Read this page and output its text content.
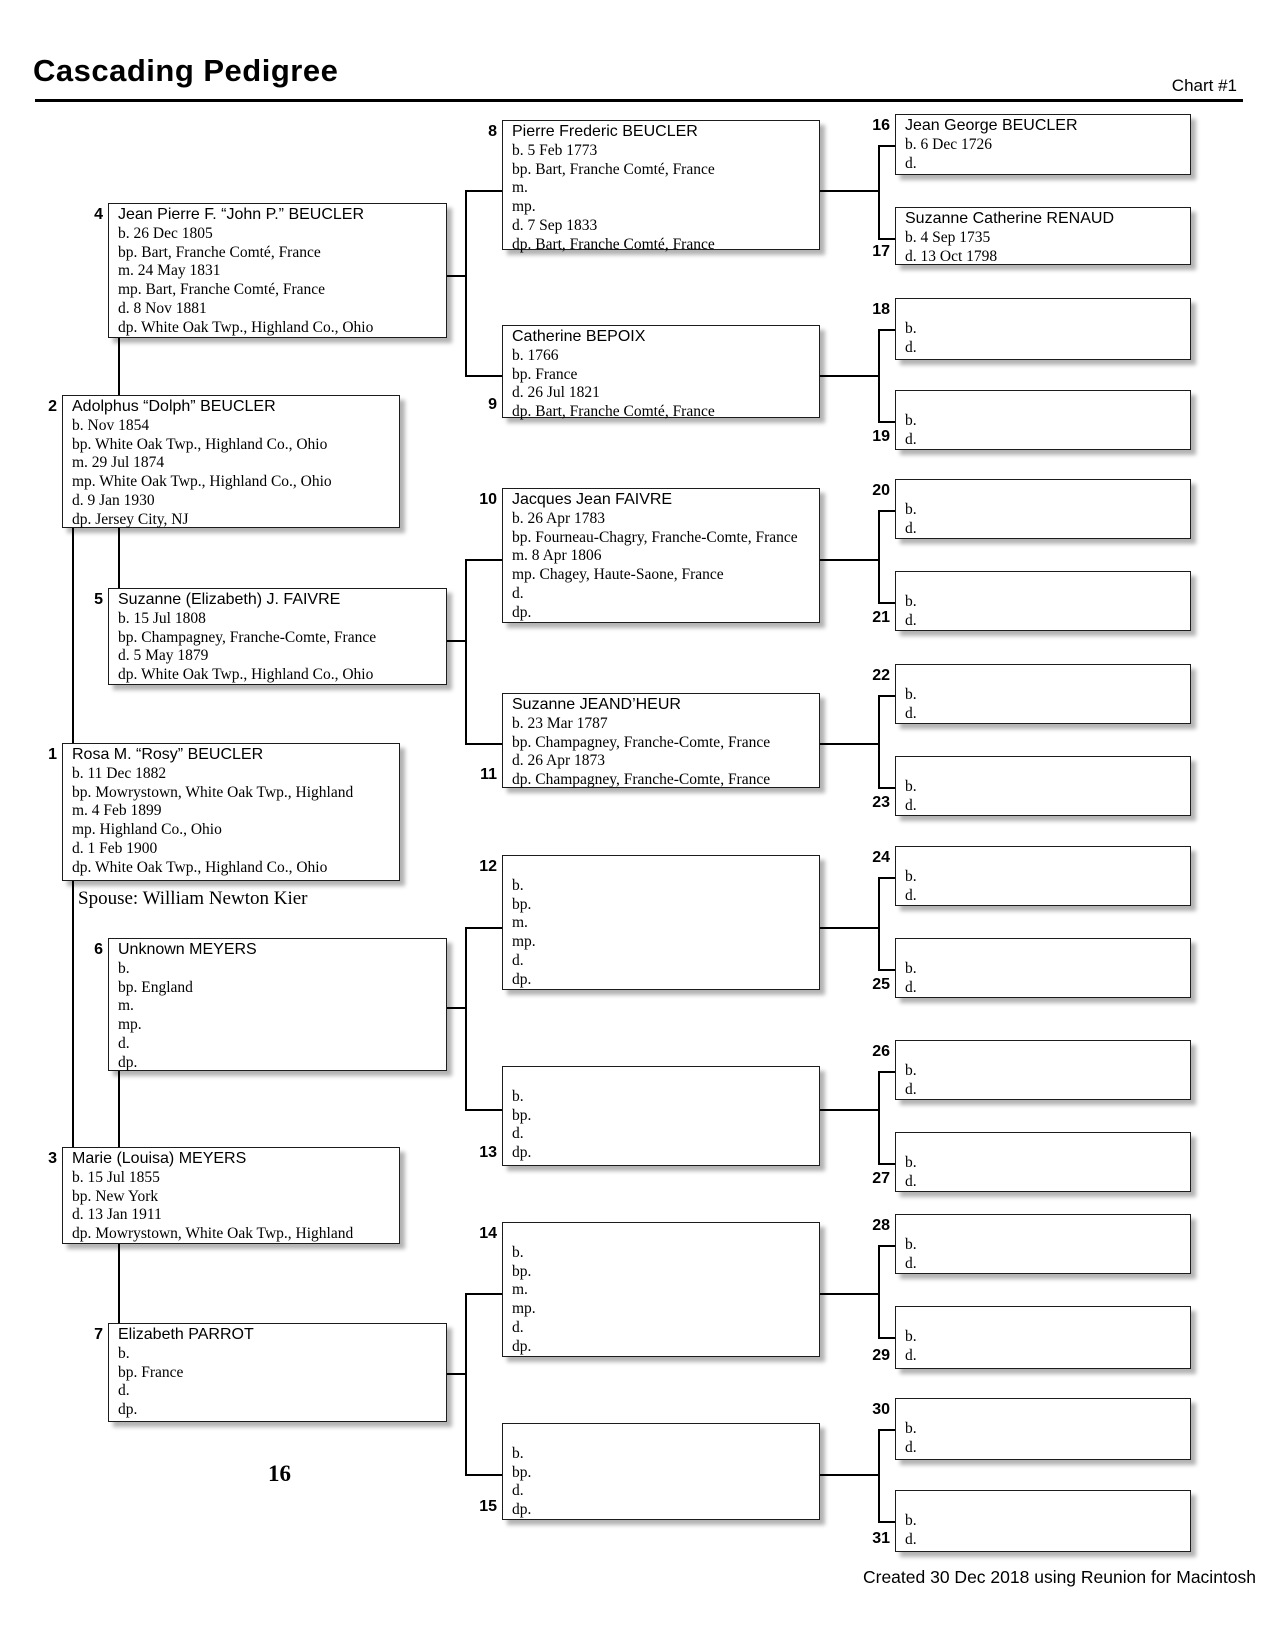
Cascading Pedigree	Chart #1
1 Rosa M. “Rosy” BEUCLER
b. 11 Dec 1882
bp. Mowrystown, White Oak Twp., Highland
m. 4 Feb 1899
mp. Highland Co., Ohio
d. 1 Feb 1900
dp. White Oak Twp., Highland Co., Ohio
Spouse: William Newton Kier
2 Adolphus “Dolph” BEUCLER
b. Nov 1854
bp. White Oak Twp., Highland Co., Ohio
m. 29 Jul 1874
mp. White Oak Twp., Highland Co., Ohio
d. 9 Jan 1930
dp. Jersey City, NJ
3 Marie (Louisa) MEYERS
b. 15 Jul 1855
bp. New York
d. 13 Jan 1911
dp. Mowrystown, White Oak Twp., Highland
4 Jean Pierre F. “John P.” BEUCLER
b. 26 Dec 1805
bp. Bart, Franche Comté, France
m. 24 May 1831
mp. Bart, Franche Comté, France
d. 8 Nov 1881
dp. White Oak Twp., Highland Co., Ohio
5 Suzanne (Elizabeth) J. FAIVRE
b. 15 Jul 1808
bp. Champagney, Franche-Comte, France
d. 5 May 1879
dp. White Oak Twp., Highland Co., Ohio
6 Unknown MEYERS
b.
bp. England
m.
mp.
d.
dp.
7 Elizabeth PARROT
b.
bp. France
d.
dp.
8 Pierre Frederic BEUCLER
b. 5 Feb 1773
bp. Bart, Franche Comté, France
m.
mp.
d. 7 Sep 1833
dp. Bart, Franche Comté, France
9
Catherine BEPOIX
b. 1766
bp. France
d. 26 Jul 1821
dp. Bart, Franche Comté, France
10 Jacques Jean FAIVRE
b. 26 Apr 1783
bp. Fourneau-Chagry, Franche-Comte, France
m. 8 Apr 1806
mp. Chagey, Haute-Saone, France
d.
dp.
11
Suzanne JEAND’HEUR
b. 23 Mar 1787
bp. Champagney, Franche-Comte, France
d. 26 Apr 1873
dp. Champagney, Franche-Comte, France
12
b.
bp.
m.
mp.
d.
dp.
13
b.
bp.
d.
dp.
14
b.
bp.
m.
mp.
d.
dp.
15
b.
bp.
d.
dp.
16 Jean George BEUCLER
b. 6 Dec 1726
d.
17
Suzanne Catherine RENAUD
b. 4 Sep 1735
d. 13 Oct 1798
18
b.
d.
19
b.
d.
20
b.
d.
21
b.
d.
22
b.
d.
23
b.
d.
24
b.
d.
25
b.
d.
26
b.
d.
27
b.
d.
28
b.
d.
29
b.
d.
30
b.
d.
31
b.
d.
16
Created 30 Dec 2018 using Reunion for Macintosh
